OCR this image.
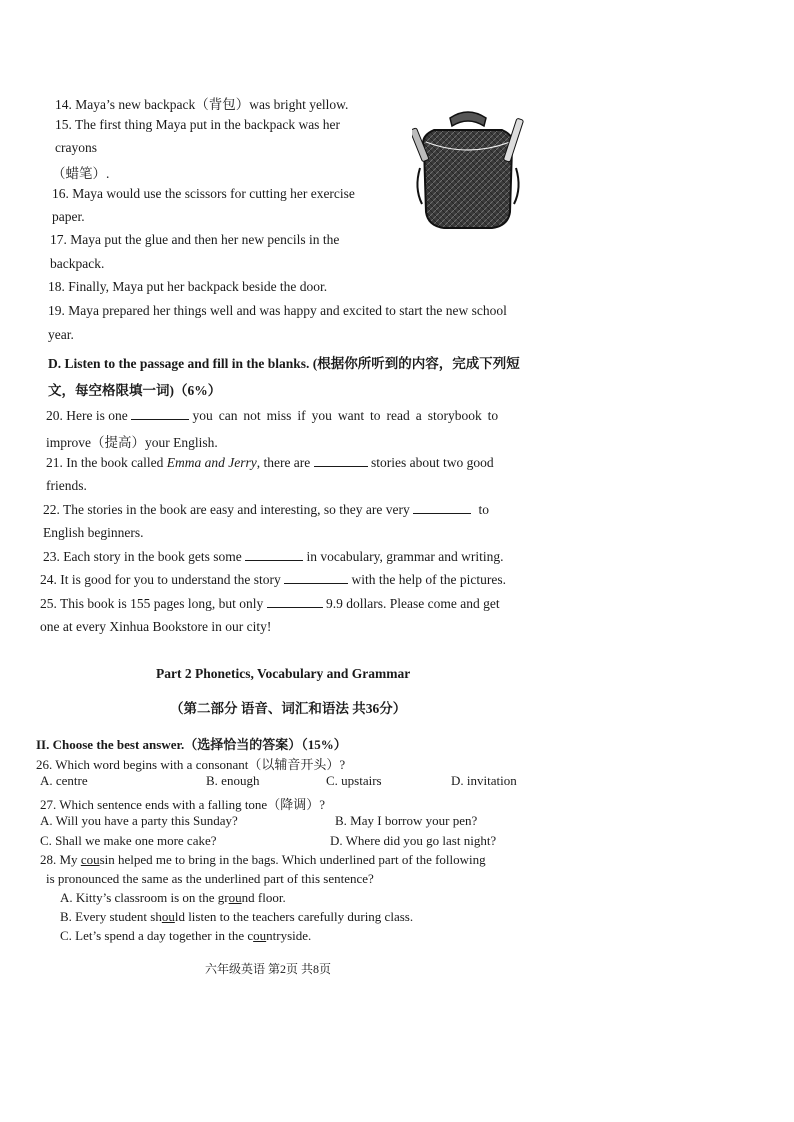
14. Maya’s new backpack（背包）was bright yellow.
15. The first thing Maya put in the backpack was her
crayons
（蜡笔）.
16. Maya would use the scissors for cutting her exercise
paper.
17. Maya put the glue and then her new pencils in the
backpack.
18. Finally, Maya put her backpack beside the door.
19. Maya prepared her things well and was happy and excited to start the new school
year.
D. Listen to the passage and fill in the blanks. (根据你所听到的内容，完成下列短
文，每空格限填一词)（6%）
20. Here is one	you can not miss if you want to read a storybook to
improve（提高）your English.
21. In the book called Emma and Jerry, there are	stories about two good
friends.
22. The stories in the book are easy and interesting, so they are very	to
English beginners.
23. Each story in the book gets some	in vocabulary, grammar and writing.
24. It is good for you to understand the story	with the help of the pictures.
25. This book is 155 pages long, but only	9.9 dollars. Please come and get
one at every Xinhua Bookstore in our city!
Part 2 Phonetics, Vocabulary and Grammar
（第二部分 语音、词汇和语法 共36分）
II. Choose the best answer.（选择恰当的答案）（15%）
26. Which word begins with a consonant（以辅音开头）?
A. centre	B. enough	C. upstairs	D. invitation
27. Which sentence ends with a falling tone（降调）?
A. Will you have a party this Sunday?	B. May I borrow your pen?
C. Shall we make one more cake?	D. Where did you go last night?
28. My cousin helped me to bring in the bags. Which underlined part of the following
is pronounced the same as the underlined part of this sentence?
A. Kitty’s classroom is on the ground floor.
B. Every student should listen to the teachers carefully during class.
C. Let’s spend a day together in the countryside.
六年级英语 第2页 共8页
